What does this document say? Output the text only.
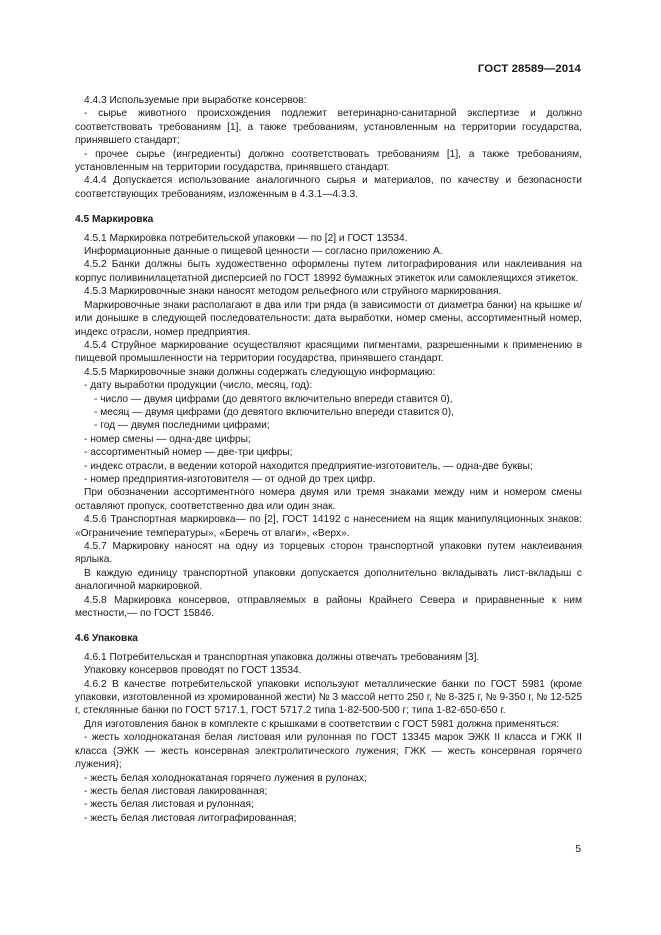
ГОСТ 28589—2014
4.4.3 Используемые при выработке консервов:
- сырье животного происхождения подлежит ветеринарно-санитарной экспертизе и должно соответствовать требованиям [1], а также требованиям, установленным на территории государства, принявшего стандарт;
- прочее сырье (ингредиенты) должно соответствовать требованиям [1], а также требованиям, установленным на территории государства, принявшего стандарт.
4.4.4 Допускается использование аналогичного сырья и материалов, по качеству и безопасности соответствующих требованиям, изложенным в 4.3.1—4.3.3.
4.5 Маркировка
4.5.1 Маркировка потребительской упаковки — по [2] и ГОСТ 13534.
Информационные данные о пищевой ценности — согласно приложению А.
4.5.2 Банки должны быть художественно оформлены путем литографирования или наклеивания на корпус поливинилацетатной дисперсией по ГОСТ 18992 бумажных этикеток или самоклеящихся этикеток.
4.5.3 Маркировочные знаки наносят методом рельефного или струйного маркирования.
Маркировочные знаки располагают в два или три ряда (в зависимости от диаметра банки) на крышке и/или донышке в следующей последовательности: дата выработки, номер смены, ассортиментный номер, индекс отрасли, номер предприятия.
4.5.4 Струйное маркирование осуществляют красящими пигментами, разрешенными к применению в пищевой промышленности на территории государства, принявшего стандарт.
4.5.5 Маркировочные знаки должны содержать следующую информацию:
- дату выработки продукции (число, месяц, год):
- число — двумя цифрами (до девятого включительно впереди ставится 0),
- месяц — двумя цифрами (до девятого включительно впереди ставится 0),
- год — двумя последними цифрами;
- номер смены — одна-две цифры;
- ассортиментный номер — две-три цифры;
- индекс отрасли, в ведении которой находится предприятие-изготовитель, — одна-две буквы;
- номер предприятия-изготовителя — от одной до трех цифр.
При обозначении ассортиментного номера двумя или тремя знаками между ним и номером смены оставляют пропуск, соответственно два или один знак.
4.5.6 Транспортная маркировка— по [2], ГОСТ 14192 с нанесением на ящик манипуляционных знаков: «Ограничение температуры», «Беречь от влаги», «Верх».
4.5.7 Маркировку наносят на одну из торцевых сторон транспортной упаковки путем наклеивания ярлыка.
В каждую единицу транспортной упаковки допускается дополнительно вкладывать лист-вкладыш с аналогичной маркировкой.
4.5.8 Маркировка консервов, отправляемых в районы Крайнего Севера и приравненные к ним местности,— по ГОСТ 15846.
4.6 Упаковка
4.6.1 Потребительская и транспортная упаковка должны отвечать требованиям [3].
Упаковку консервов проводят по ГОСТ 13534.
4.6.2 В качестве потребительской упаковки используют металлические банки по ГОСТ 5981 (кроме упаковки, изготовленной из хромированной жести) № 3 массой нетто 250 г, № 8-325 г, № 9-350 г, № 12-525 г, стеклянные банки по ГОСТ 5717.1, ГОСТ 5717.2 типа 1-82-500-500 г; типа 1-82-650-650 г.
Для изготовления банок в комплекте с крышками в соответствии с ГОСТ 5981 должна применяться:
- жесть холоднокатаная белая листовая или рулонная по ГОСТ 13345 марок ЭЖК II класса и ГЖК II класса (ЭЖК — жесть консервная электролитического лужения; ГЖК — жесть консервная горячего лужения);
- жесть белая холоднокатаная горячего лужения в рулонах;
- жесть белая листовая лакированная;
- жесть белая листовая и рулонная;
- жесть белая листовая литографированная;
5
